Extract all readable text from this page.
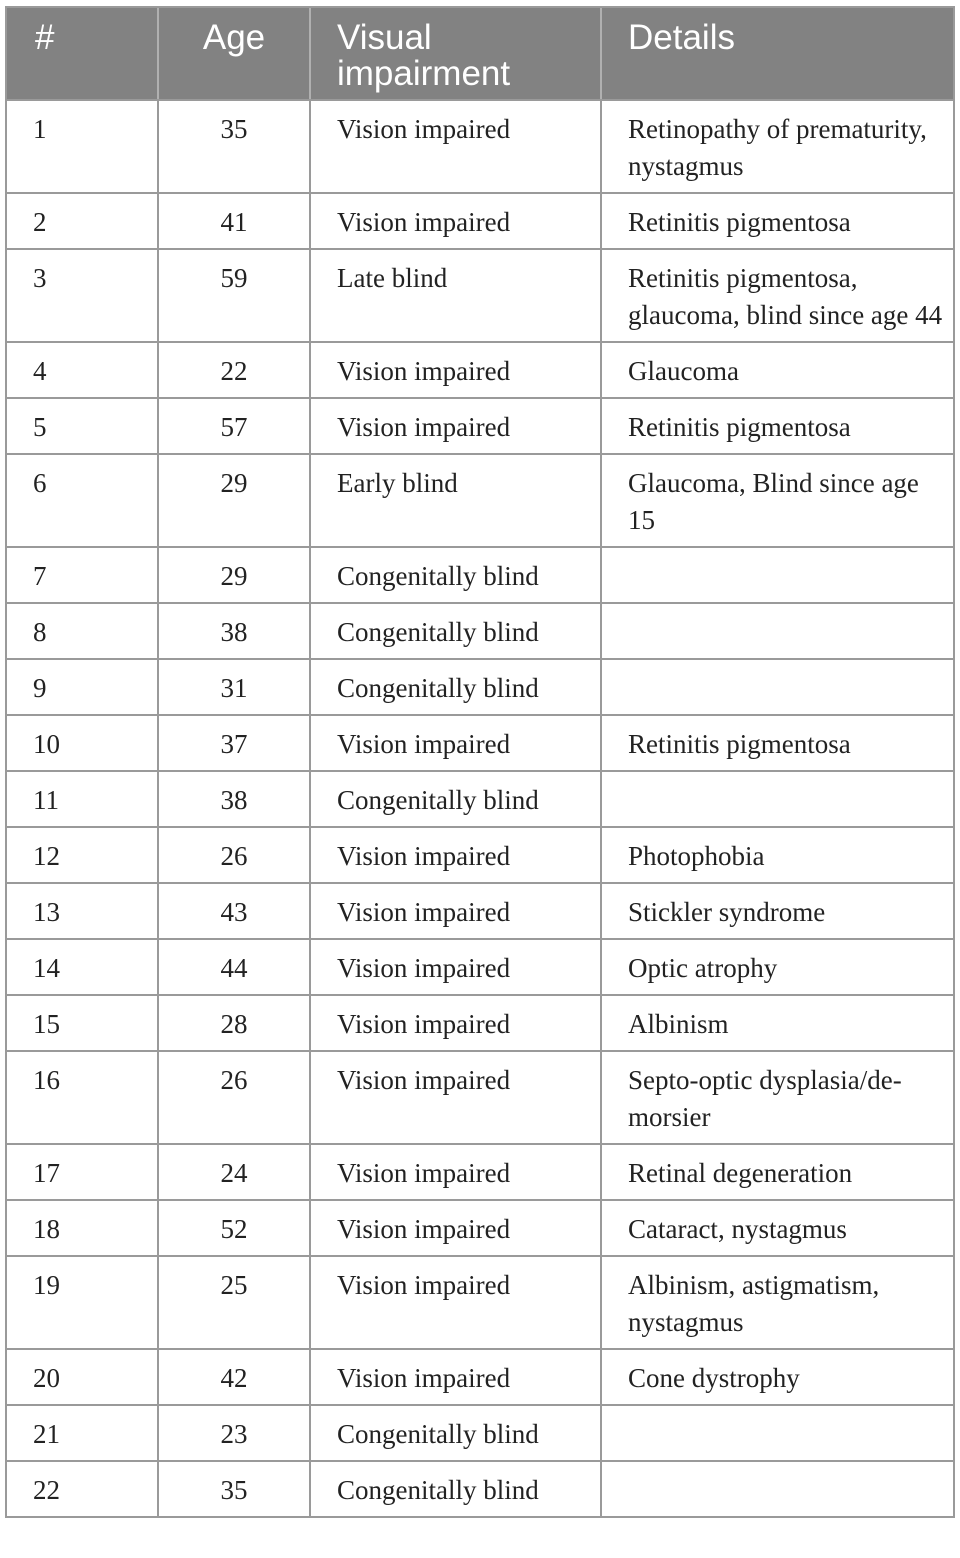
#	Age	Visual impairment	Details
1	35	Vision impaired	Retinopathy of prematurity, nystagmus
2	41	Vision impaired	Retinitis pigmentosa
3	59	Late blind	Retinitis pigmentosa, glaucoma, blind since age 44
4	22	Vision impaired	Glaucoma
5	57	Vision impaired	Retinitis pigmentosa
6	29	Early blind	Glaucoma, Blind since age 15
7	29	Congenitally blind	
8	38	Congenitally blind	
9	31	Congenitally blind	
10	37	Vision impaired	Retinitis pigmentosa
11	38	Congenitally blind	
12	26	Vision impaired	Photophobia
13	43	Vision impaired	Stickler syndrome
14	44	Vision impaired	Optic atrophy
15	28	Vision impaired	Albinism
16	26	Vision impaired	Septo-optic dysplasia/de-morsier
17	24	Vision impaired	Retinal degeneration
18	52	Vision impaired	Cataract, nystagmus
19	25	Vision impaired	Albinism, astigmatism, nystagmus
20	42	Vision impaired	Cone dystrophy
21	23	Congenitally blind	
22	35	Congenitally blind	
